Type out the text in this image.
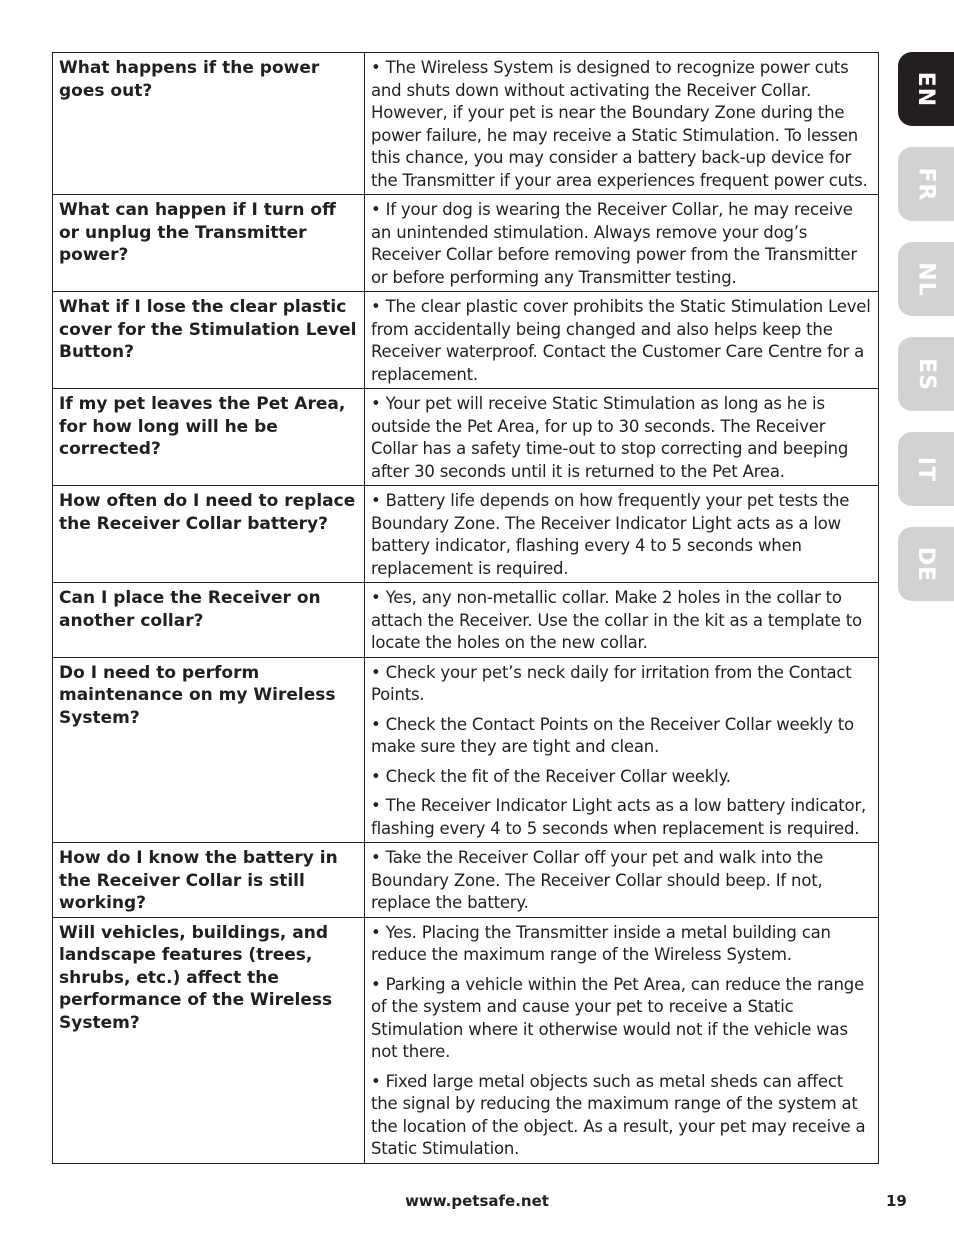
What happens if the power goes out?	• The Wireless System is designed to recognize power cuts and shuts down without activating the Receiver Collar. However, if your pet is near the Boundary Zone during the power failure, he may receive a Static Stimulation. To lessen this chance, you may consider a battery back-up device for the Transmitter if your area experiences frequent power cuts.

What can happen if I turn off or unplug the Transmitter power?	• If your dog is wearing the Receiver Collar, he may receive an unintended stimulation. Always remove your dog’s Receiver Collar before removing power from the Transmitter or before performing any Transmitter testing.

What if I lose the clear plastic cover for the Stimulation Level Button?	• The clear plastic cover prohibits the Static Stimulation Level from accidentally being changed and also helps keep the Receiver waterproof. Contact the Customer Care Centre for a replacement.

If my pet leaves the Pet Area, for how long will he be corrected?	• Your pet will receive Static Stimulation as long as he is outside the Pet Area, for up to 30 seconds. The Receiver Collar has a safety time-out to stop correcting and beeping after 30 seconds until it is returned to the Pet Area.

How often do I need to replace the Receiver Collar battery?	• Battery life depends on how frequently your pet tests the Boundary Zone. The Receiver Indicator Light acts as a low battery indicator, flashing every 4 to 5 seconds when replacement is required.

Can I place the Receiver on another collar?	• Yes, any non-metallic collar. Make 2 holes in the collar to attach the Receiver. Use the collar in the kit as a template to locate the holes on the new collar.

Do I need to perform maintenance on my Wireless System?	• Check your pet’s neck daily for irritation from the Contact Points.

• Check the Contact Points on the Receiver Collar weekly to make sure they are tight and clean.

• Check the fit of the Receiver Collar weekly.

• The Receiver Indicator Light acts as a low battery indicator, flashing every 4 to 5 seconds when replacement is required.

How do I know the battery in the Receiver Collar is still working?	• Take the Receiver Collar off your pet and walk into the Boundary Zone. The Receiver Collar should beep. If not, replace the battery.

Will vehicles, buildings, and landscape features (trees, shrubs, etc.) affect the performance of the Wireless System?	• Yes. Placing the Transmitter inside a metal building can reduce the maximum range of the Wireless System.

• Parking a vehicle within the Pet Area, can reduce the range of the system and cause your pet to receive a Static Stimulation where it otherwise would not if the vehicle was not there.

• Fixed large metal objects such as metal sheds can affect the signal by reducing the maximum range of the system at the location of the object. As a result, your pet may receive a Static Stimulation.

EN
FR
NL
ES
IT
DE
www.petsafe.net	19
